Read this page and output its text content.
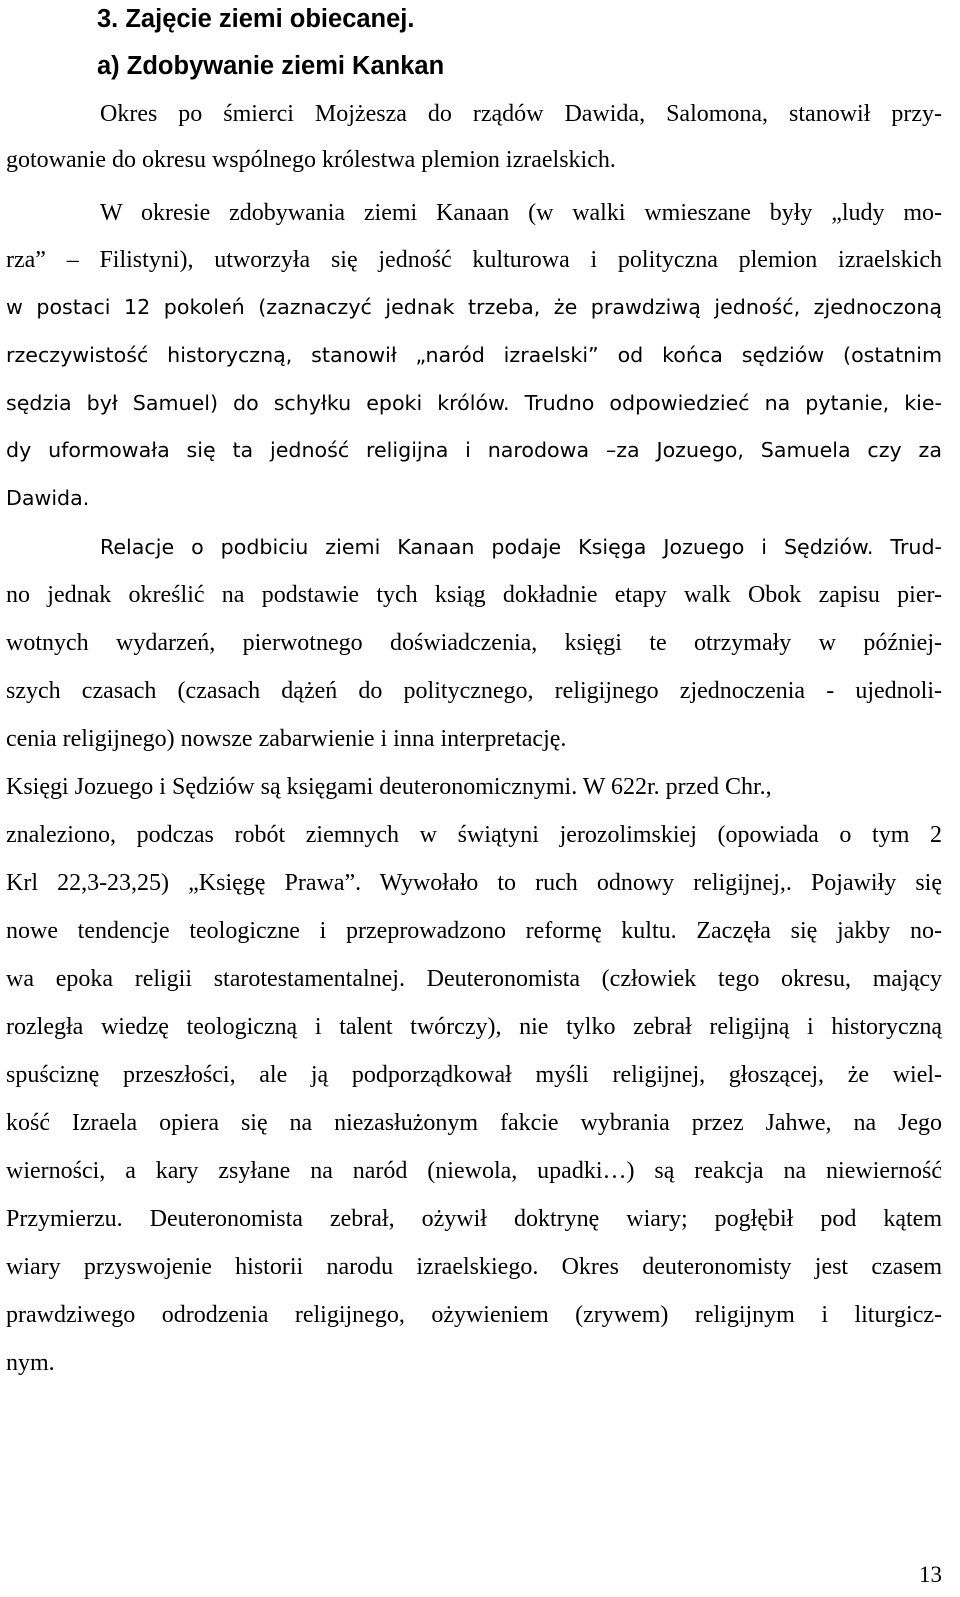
3. Zajęcie ziemi obiecanej.
a) Zdobywanie ziemi Kankan

Okres po śmierci Mojżesza do rządów Dawida, Salomona, stanowił przy-

gotowanie do okresu wspólnego królestwa plemion izraelskich.

W okresie zdobywania ziemi Kanaan (w walki wmieszane były „ludy mo-

rza” – Filistyni), utworzyła się jedność kulturowa i polityczna plemion izraelskich

w postaci 12 pokoleń (zaznaczyć jednak trzeba, że prawdziwą jedność, zjednoczoną

rzeczywistość historyczną, stanowił „naród izraelski” od końca sędziów (ostatnim

sędzia był Samuel) do schyłku epoki królów. Trudno odpowiedzieć na pytanie, kie-

dy uformowała się ta jedność religijna i narodowa –za Jozuego, Samuela czy za

Dawida.

Relacje o podbiciu ziemi Kanaan podaje Księga Jozuego i Sędziów. Trud-

no jednak określić na podstawie tych ksiąg dokładnie etapy walk Obok zapisu pier-

wotnych wydarzeń, pierwotnego doświadczenia, księgi te otrzymały w później-

szych czasach (czasach dążeń do politycznego, religijnego zjednoczenia - ujednoli-

cenia religijnego) nowsze zabarwienie i inna interpretację.

Księgi Jozuego i Sędziów są księgami deuteronomicznymi. W 622r. przed Chr.,

znaleziono, podczas robót ziemnych w świątyni jerozolimskiej (opowiada o tym 2

Krl 22,3-23,25) „Księgę Prawa”. Wywołało to ruch odnowy religijnej,. Pojawiły się

nowe tendencje teologiczne i przeprowadzono reformę kultu. Zaczęła się jakby no-

wa epoka religii starotestamentalnej. Deuteronomista (człowiek tego okresu, mający

rozległa wiedzę teologiczną i talent twórczy), nie tylko zebrał religijną i historyczną

spuściznę przeszłości, ale ją podporządkował myśli religijnej, głoszącej, że wiel-

kość Izraela opiera się na niezasłużonym fakcie wybrania przez Jahwe, na Jego

wierności, a kary zsyłane na naród (niewola, upadki…) są reakcja na niewierność

Przymierzu. Deuteronomista zebrał, ożywił doktrynę wiary; pogłębił pod kątem

wiary przyswojenie historii narodu izraelskiego. Okres deuteronomisty jest czasem

prawdziwego odrodzenia religijnego, ożywieniem (zrywem) religijnym i liturgicz-

nym.

13
